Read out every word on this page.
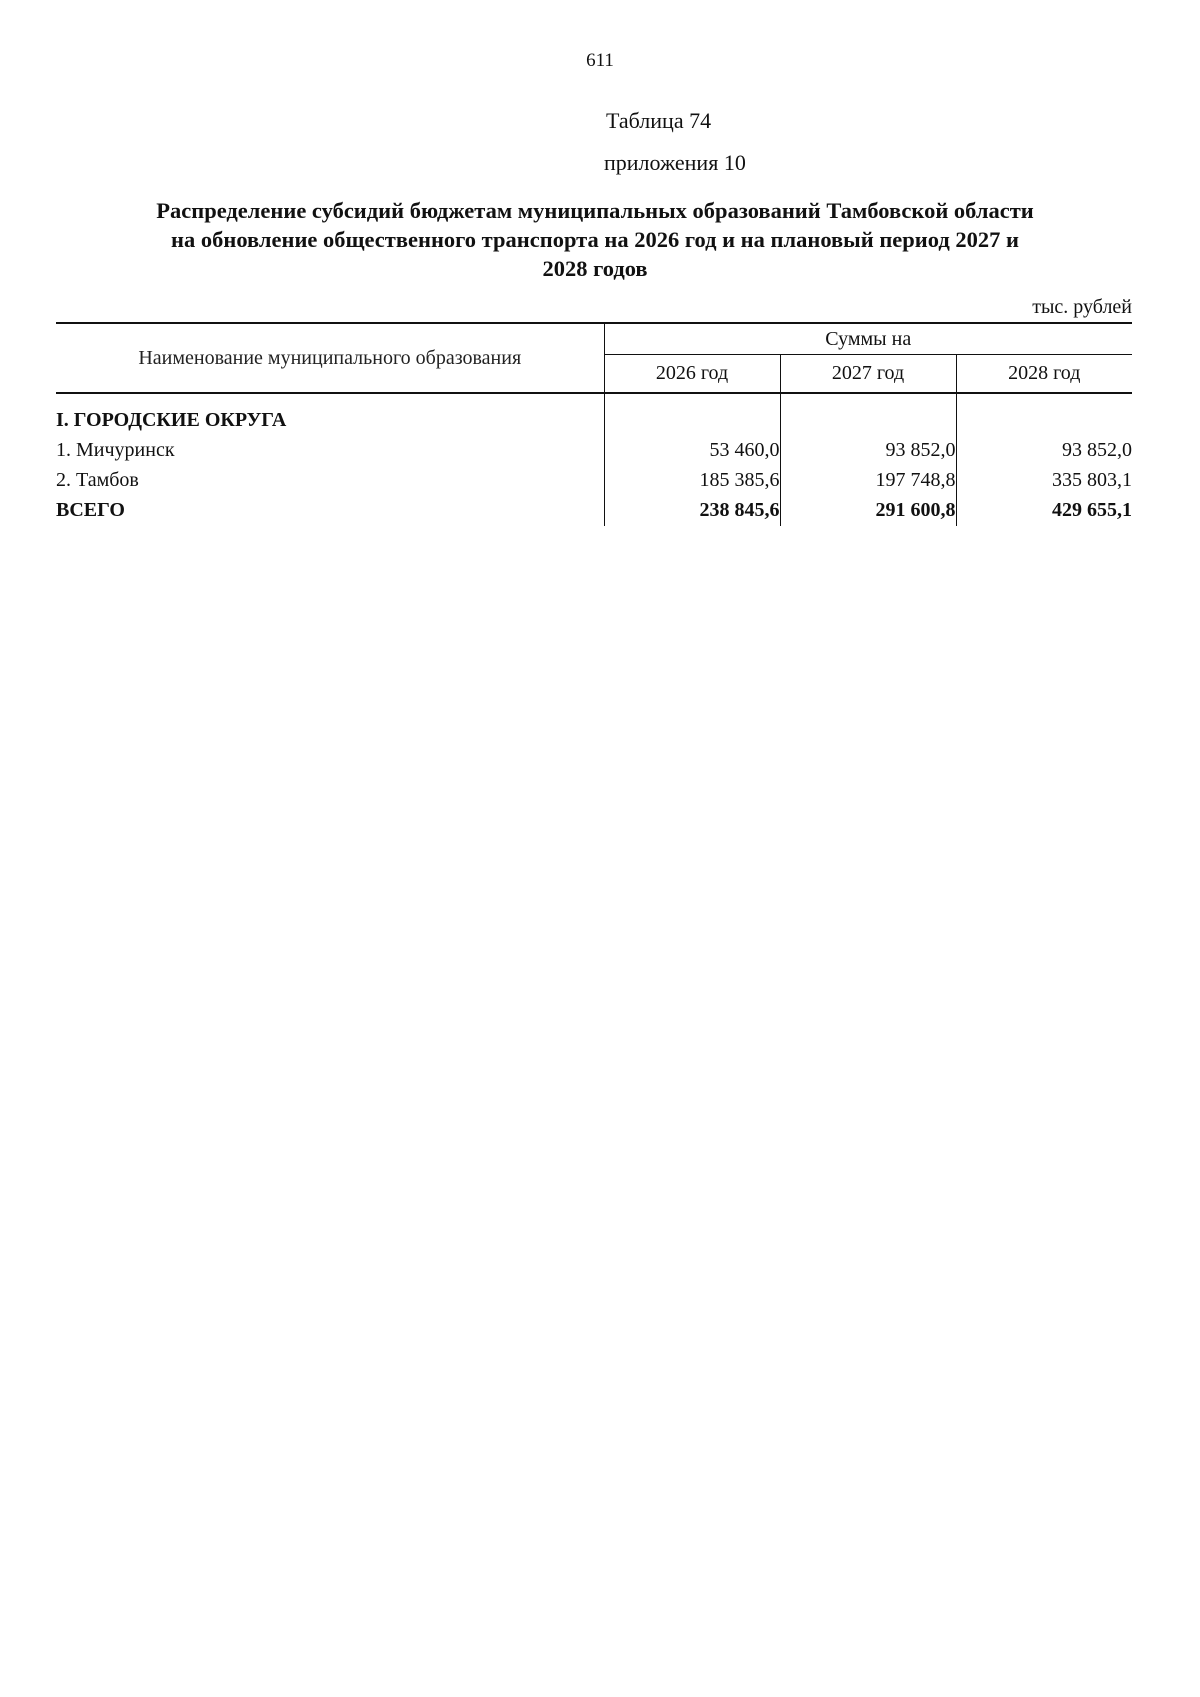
611
Таблица 74
приложения 10
Распределение субсидий бюджетам муниципальных образований Тамбовской области
на обновление общественного транспорта на 2026 год и на плановый период 2027 и
2028 годов
тыс. рублей
Наименование муниципального образования	Суммы на		
	2026 год	2027 год	2028 год
I. ГОРОДСКИЕ ОКРУГА			
1. Мичуринск	53 460,0	93 852,0	93 852,0
2. Тамбов	185 385,6	197 748,8	335 803,1
ВСЕГО	238 845,6	291 600,8	429 655,1
